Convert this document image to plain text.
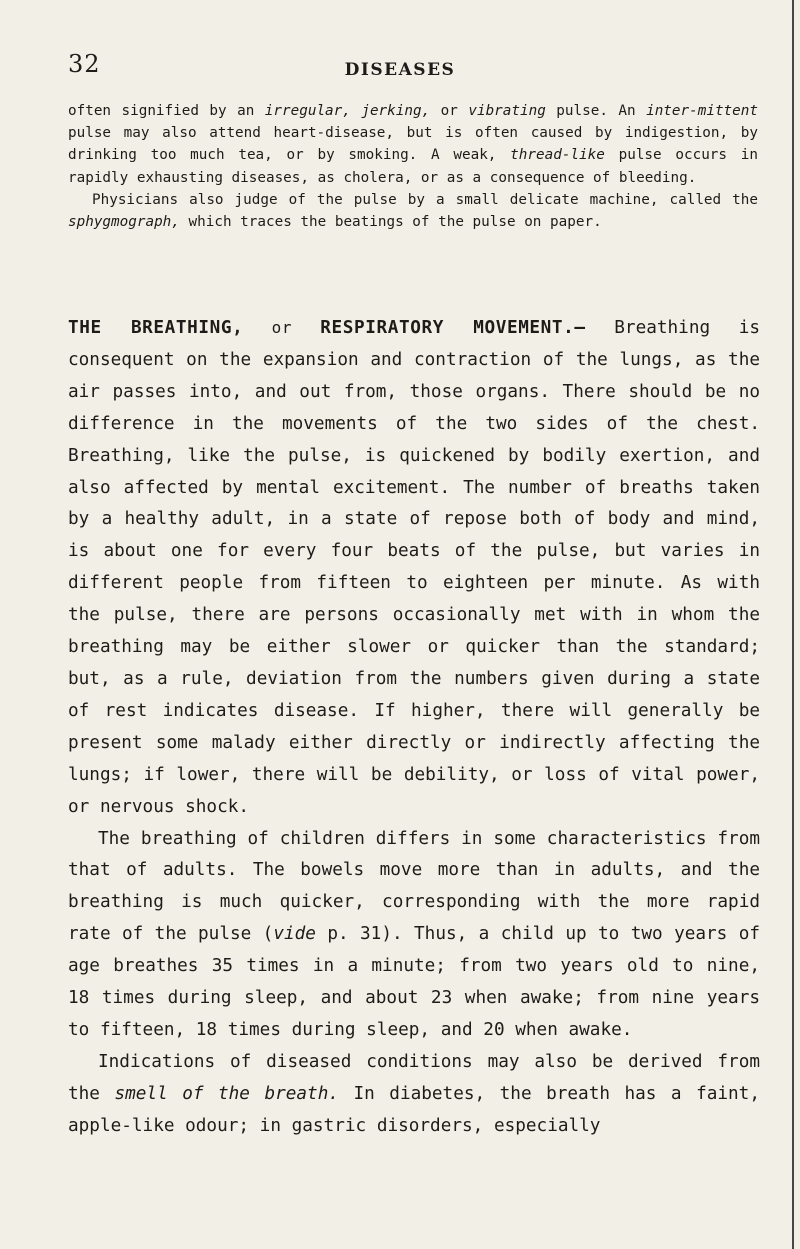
32	DISEASES

often signified by an irregular, jerking, or vibrating pulse. An inter-mittent pulse may also attend heart-disease, but is often caused by indigestion, by drinking too much tea, or by smoking. A weak, thread-like pulse occurs in rapidly exhausting diseases, as cholera, or as a consequence of bleeding.

Physicians also judge of the pulse by a small delicate machine, called the sphygmograph, which traces the beatings of the pulse on paper.

THE BREATHING, or RESPIRATORY MOVEMENT.— Breathing is consequent on the expansion and contraction of the lungs, as the air passes into, and out from, those organs. There should be no difference in the movements of the two sides of the chest. Breathing, like the pulse, is quickened by bodily exertion, and also affected by mental excitement. The number of breaths taken by a healthy adult, in a state of repose both of body and mind, is about one for every four beats of the pulse, but varies in different people from fifteen to eighteen per minute. As with the pulse, there are persons occasionally met with in whom the breathing may be either slower or quicker than the standard; but, as a rule, deviation from the numbers given during a state of rest indicates disease. If higher, there will generally be present some malady either directly or indirectly affecting the lungs; if lower, there will be debility, or loss of vital power, or nervous shock.

The breathing of children differs in some characteristics from that of adults. The bowels move more than in adults, and the breathing is much quicker, corresponding with the more rapid rate of the pulse (vide p. 31). Thus, a child up to two years of age breathes 35 times in a minute; from two years old to nine, 18 times during sleep, and about 23 when awake; from nine years to fifteen, 18 times during sleep, and 20 when awake.

Indications of diseased conditions may also be derived from the smell of the breath. In diabetes, the breath has a faint, apple-like odour; in gastric disorders, especially
